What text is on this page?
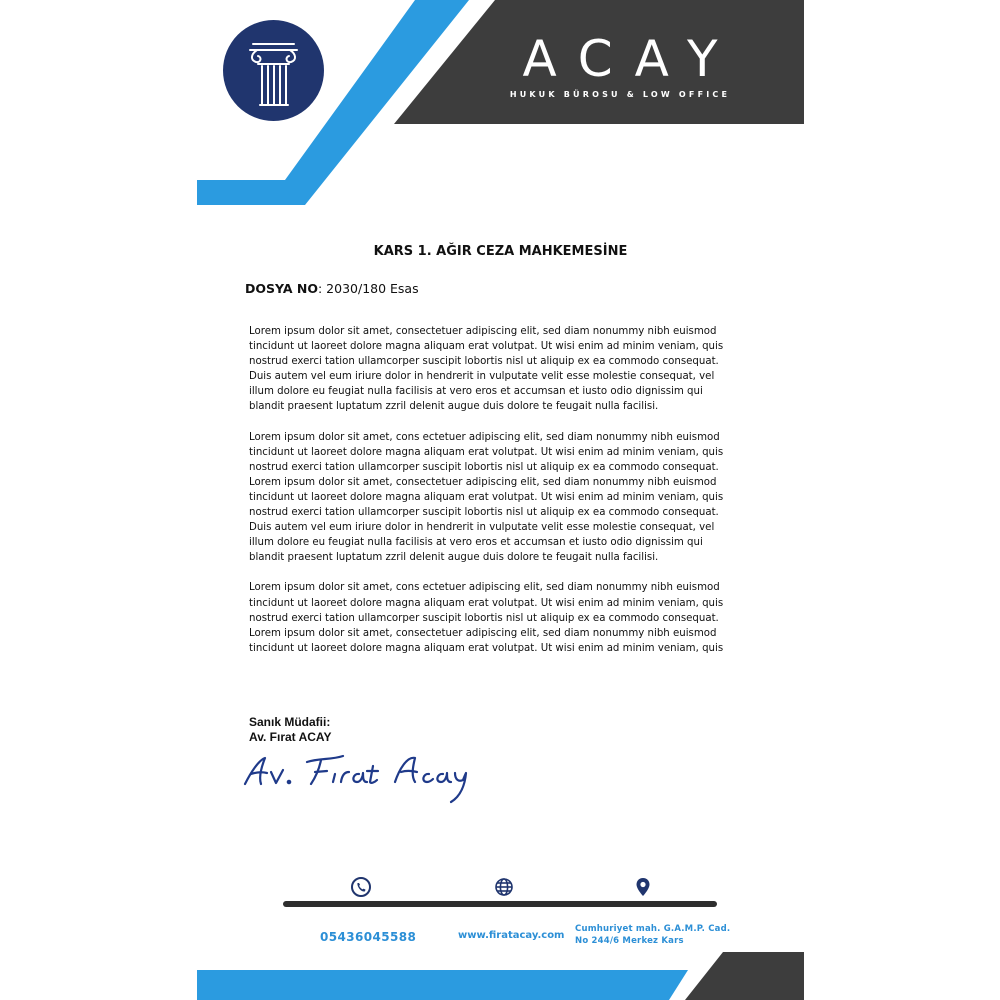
ACAY
HUKUK BÜROSU & LOW OFFICE
KARS 1. AĞIR CEZA MAHKEMESİNE
DOSYA NO: 2030/180 Esas

Lorem ipsum dolor sit amet, consectetuer adipiscing elit, sed diam nonummy nibh euismod tincidunt ut laoreet dolore magna aliquam erat volutpat. Ut wisi enim ad minim veniam, quis nostrud exerci tation ullamcorper suscipit lobortis nisl ut aliquip ex ea commodo consequat. Duis autem vel eum iriure dolor in hendrerit in vulputate velit esse molestie consequat, vel illum dolore eu feugiat nulla facilisis at vero eros et accumsan et iusto odio dignissim qui blandit praesent luptatum zzril delenit augue duis dolore te feugait nulla facilisi.

Lorem ipsum dolor sit amet, cons ectetuer adipiscing elit, sed diam nonummy nibh euismod tincidunt ut laoreet dolore magna aliquam erat volutpat. Ut wisi enim ad minim veniam, quis nostrud exerci tation ullamcorper suscipit lobortis nisl ut aliquip ex ea commodo consequat. Lorem ipsum dolor sit amet, consectetuer adipiscing elit, sed diam nonummy nibh euismod tincidunt ut laoreet dolore magna aliquam erat volutpat. Ut wisi enim ad minim veniam, quis nostrud exerci tation ullamcorper suscipit lobortis nisl ut aliquip ex ea commodo consequat. Duis autem vel eum iriure dolor in hendrerit in vulputate velit esse molestie consequat, vel illum dolore eu feugiat nulla facilisis at vero eros et accumsan et iusto odio dignissim qui blandit praesent luptatum zzril delenit augue duis dolore te feugait nulla facilisi.

Lorem ipsum dolor sit amet, cons ectetuer adipiscing elit, sed diam nonummy nibh euismod tincidunt ut laoreet dolore magna aliquam erat volutpat. Ut wisi enim ad minim veniam, quis nostrud exerci tation ullamcorper suscipit lobortis nisl ut aliquip ex ea commodo consequat. Lorem ipsum dolor sit amet, consectetuer adipiscing elit, sed diam nonummy nibh euismod tincidunt ut laoreet dolore magna aliquam erat volutpat. Ut wisi enim ad minim veniam, quis

Sanık Müdafii:
Av. Fırat ACAY
05436045588	www.firatacay.com
Cumhuriyet mah. G.A.M.P. Cad.
No 244/6 Merkez Kars
